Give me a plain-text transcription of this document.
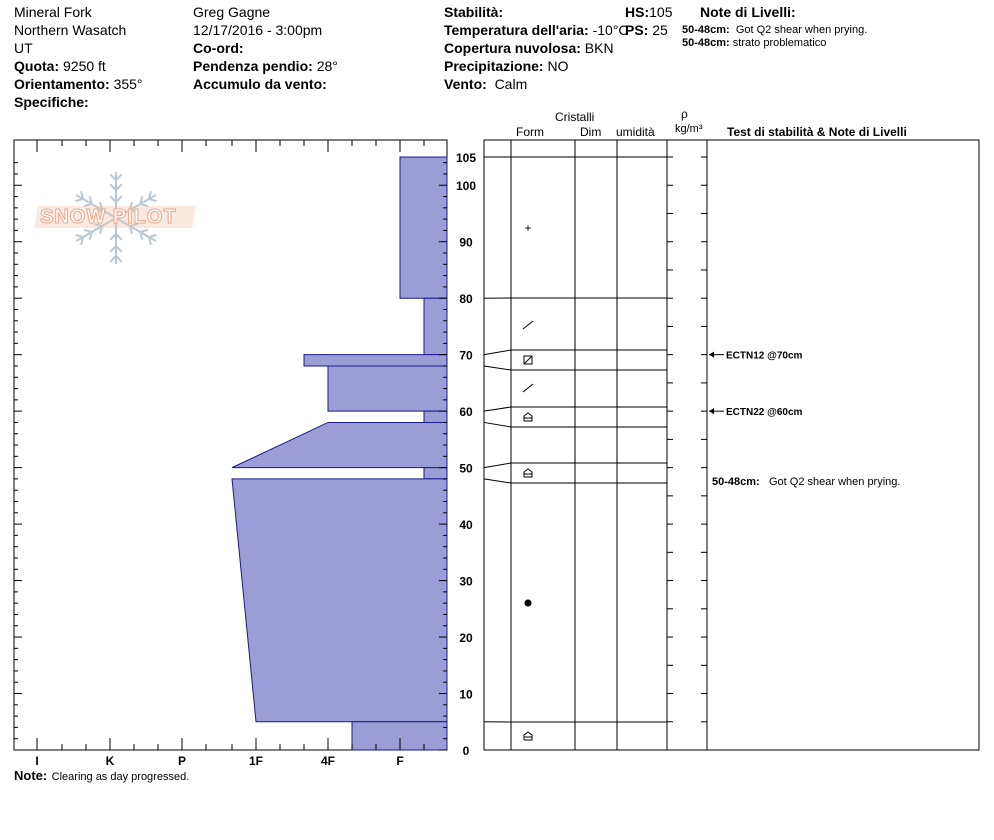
Mineral Fork
Northern Wasatch
UT
Quota: 9250 ft
Orientamento: 355°
Specifiche:
Greg Gagne
12/17/2016 - 3:00pm
Co-ord:
Pendenza pendio: 28°
Accumulo da vento:
Stabilità:
Temperatura dell'aria: -10°C
Copertura nuvolosa: BKN
Precipitazione: NO
Vento: Calm
HS:105
PS: 25
Note di Livelli:
50-48cm: Got Q2 shear when prying.
50-48cm: strato problematico
Cristalli
Form	Dim umidità
ρ
kg/m³ Test di stabilità & Note di Livelli
Note: Clearing as day progressed.
SNOW PILOT
I	K	P	1F	4F	F
0
10
20
30
40
50
60
70
80
90
100
105
+
ECTN12 @70cm
ECTN22 @60cm
50-48cm: Got Q2 shear when prying.
